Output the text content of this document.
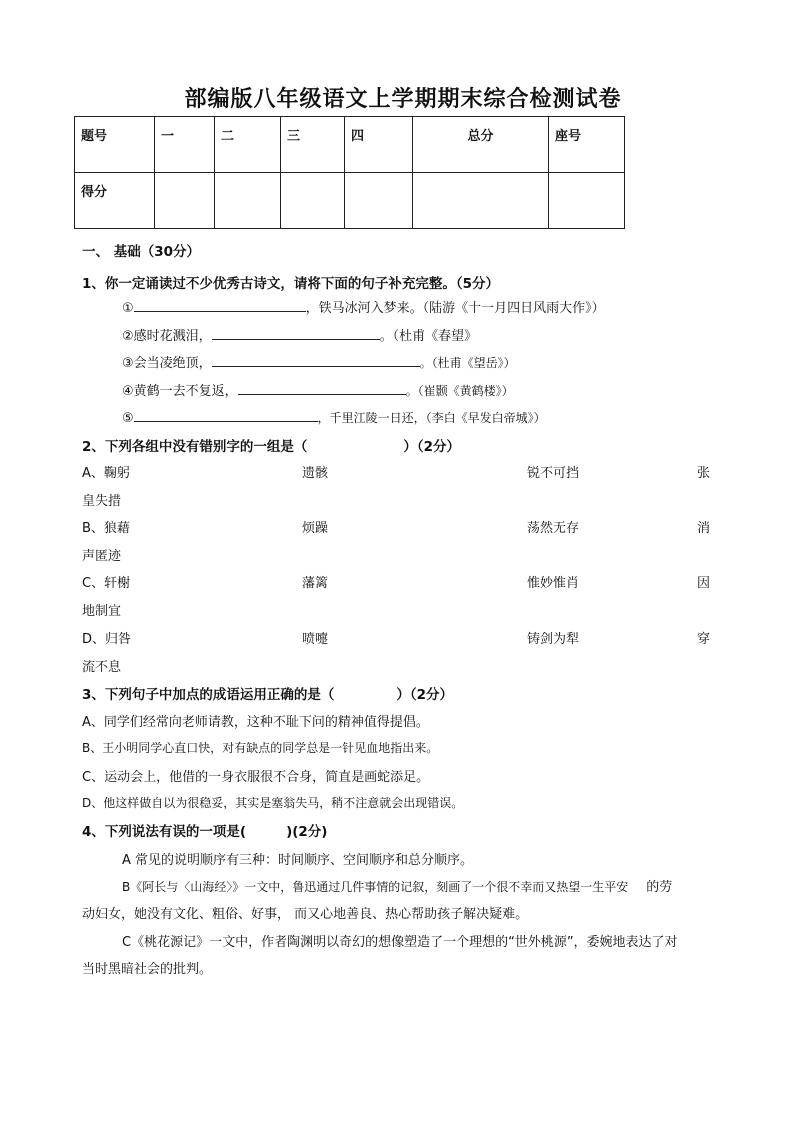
部编版八年级语文上学期期末综合检测试卷
题号	一	二	三	四	总分	座号
得分						
一、 基础（30分）
1、你一定诵读过不少优秀古诗文，请将下面的句子补充完整。（5分）
①	，铁马冰河入梦来。（陆游《十一月四日风雨大作》）
②感时花溅泪，	。（杜甫《春望》
③会当凌绝顶，	。（杜甫《望岳》）
④黄鹤一去不复返，	。（崔颢《黄鹤楼》）
⑤	，千里江陵一日还，（李白《早发白帝城》）
2、下列各组中没有错别字的一组是（	）（2分）
A、鞠躬	遗骸	锐不可挡	张
皇失措
B、狼藉	烦躁	荡然无存	消
声匿迹
C、轩榭	藩篱	惟妙惟肖	因
地制宜
D、归咎	喷嚏	铸剑为犁	穿
流不息
3、下列句子中加点的成语运用正确的是（	）（2分）
A、同学们经常向老师请教，这种不耻下问的精神值得提倡。
B、王小明同学心直口快，对有缺点的同学总是一针见血地指出来。
C、运动会上，他借的一身衣服很不合身，简直是画蛇添足。
D、他这样做自以为很稳妥，其实是塞翁失马，稍不注意就会出现错误。
4、下列说法有误的一项是(	)(2分)
A 常见的说明顺序有三种：时间顺序、空间顺序和总分顺序。
B《阿长与〈山海经〉》一文中，鲁迅通过几件事情的记叙，刻画了一个很不幸而又热望一生平安 的劳
动妇女，她没有文化、粗俗、好事， 而又心地善良、热心帮助孩子解决疑难。
C《桃花源记》一文中，作者陶渊明以奇幻的想像塑造了一个理想的“世外桃源”，委婉地表达了对
当时黑暗社会的批判。
